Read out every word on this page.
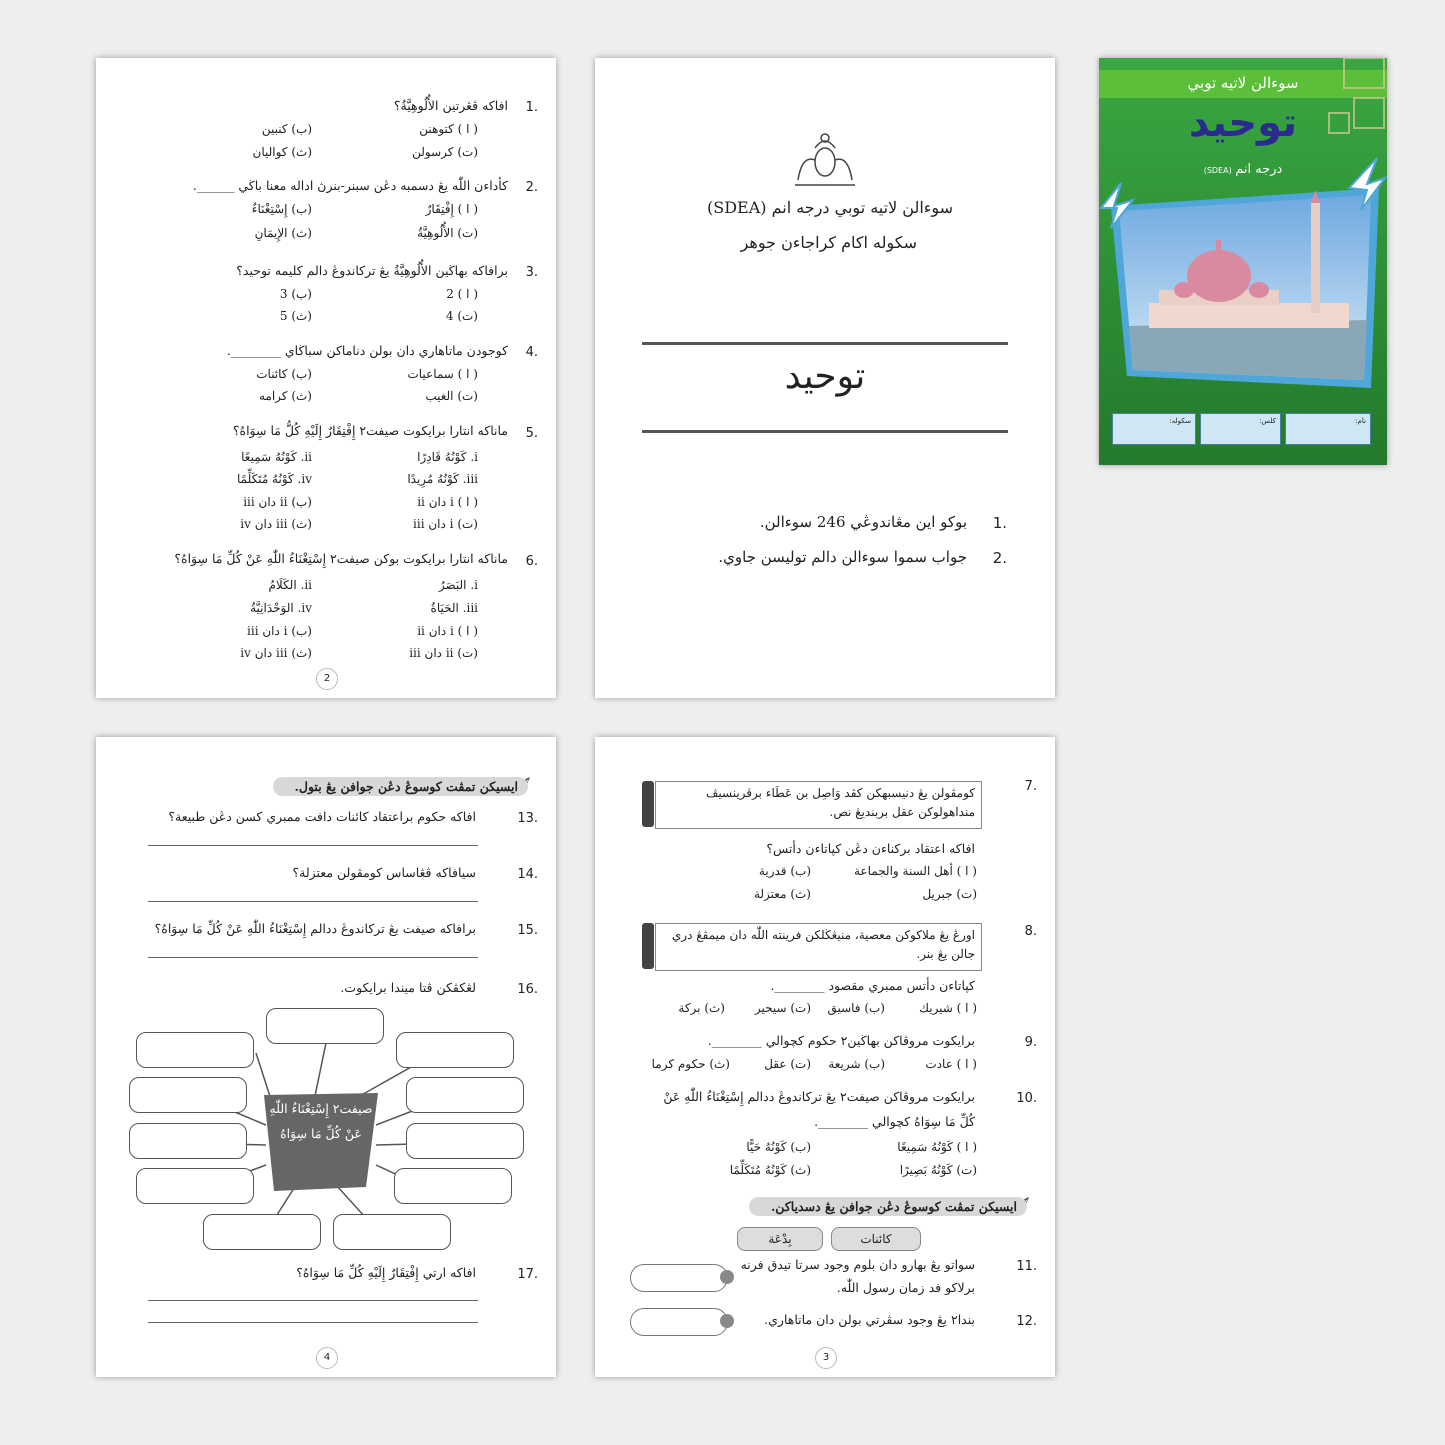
سوءالن لاتيه توبي
توحيد
درجه انم (SDEA)
نام:
كلس:
سكوله:
سوءالن لاتيه توبي درجه انم (SDEA)
سكوله اكام كراجاءن جوهر
توحيد
1.
بوكو اين مڠاندوڠي 246 سوءالن.
2.
جواب سموا سوءالن دالم توليسن جاوي.
1.
افاكه ڤڠرتين الأُلُوهِيَّةُ؟
( ا ) كتوهنن
(ب) كنبين
(ت) كرسولن
(ث) كواليان
2.
كأداءن اللّٰه يڠ دسمبه دڠن سبنر-بنرڽ اداله معنا باڬي ______.
( ا ) إِفْتِقَارٌ
(ب) إِسْتِغْنَاءٌ
(ت) الأُلُوهِيَّةُ
(ث) الإِيمَانِ
3.
برافاكه بهاڬين الأُلُوهِيَّةُ يڠ تركاندوڠ دالم كليمه توحيد؟
( ا ) 2
(ب) 3
(ت) 4
(ث) 5
4.
كوجودن ماتاهاري دان بولن دناماكن سباڬاي ________.
( ا ) سماعيات
(ب) كائنات
(ت) الغيب
(ث) كرامه
5.
ماناكه انتارا برايكوت صيفت٢ إِفْتِقَارٌ إِلَيْهِ كُلُّ مَا سِوَاهُ؟
i. كَوْنُهُ قَادِرًا
ii. كَوْنُهُ سَمِيعًا
iii. كَوْنُهُ مُرِيدًا
iv. كَوْنُهُ مُتَكَلِّمًا
( ا ) i دان ii
(ب) ii دان iii
(ت) i دان iii
(ث) iii دان iv
6.
ماناكه انتارا برايكوت بوكن صيفت٢ إِسْتِغْنَاءُ اللّٰهِ عَنْ كُلِّ مَا سِوَاهُ؟
i. البَصَرُ
ii. الكَلَامُ
iii. الحَيَاةُ
iv. الوَحْدَانِيَّةُ
( ا ) i دان ii
(ب) i دان iii
(ت) ii دان iii
(ث) iii دان iv
2
7.
كومڤولن يڠ دنيسبهكن كڤد وَاصِل بن عَطَاء برڤرينسيڤ منداهولوكن عقل بربنديڠ نص.
افاكه اعتقاد بركناءن دڠن كپاتاءن دأتس؟
( ا ) أهل السنة والجماعة
(ب) قدرية
(ت) جبريل
(ث) معتزلة
8.
اورڠ يڠ ملاكوكن معصية، منيڠڬلكن فرينته اللّٰه دان ميمڤڠ دري جالن يڠ بنر.
كپاتاءن دأتس ممبري مقصود ________.
( ا ) شيريك
(ب) فاسيق
(ت) سيحير
(ث) بركة
9.
برايكوت مروڤاكن بهاڬين٢ حكوم كچوالي ________.
( ا ) عادت
(ب) شريعة
(ت) عقل
(ث) حكوم كرما
10.
برايكوت مروڤاكن صيفت٢ يڠ تركاندوڠ ددالم إِسْتِغْنَاءُ اللّٰهِ عَنْ
كُلِّ مَا سِوَاهُ كچوالي ________.
( ا ) كَوْنُهُ سَمِيعًا
(ب) كَوْنُهُ حَيًّا
(ت) كَوْنُهُ بَصِيرًا
(ث) كَوْنُهُ مُتَكَلِّمًا
ايسيكن تمڤت كوسوڠ دڠن جوافن يڠ دسدياكن.
كائنات
بِدْعَة
11.
سواتو يڠ بهارو دان بلوم وجود سرتا تيدق فرنه
برلاكو فد زمان رسول اللّٰه.
12.
بندا٢ يڠ وجود سڤرتي بولن دان ماتاهاري.
3
ايسيكن تمڤت كوسوڠ دڠن جوافن يڠ بتول.
13.
افاكه حكوم براعتقاد كائنات دافت ممبري كسن دڠن طبيعة؟
14.
سيافاكه ڤڠاساس كومڤولن معتزلة؟
15.
برافاكه صيفت يڠ تركاندوڠ ددالم إِسْتِغْنَاءُ اللّٰهِ عَنْ كُلِّ مَا سِوَاهُ؟
16.
لڠكڤكن ڤتا ميندا برايكوت.
صيفت٢ إِسْتِغْنَاءُ اللّٰهِ
عَنْ كُلِّ مَا سِوَاهُ
17.
افاكه ارتي إِفْتِقَارٌ إِلَيْهِ كُلِّ مَا سِوَاهُ؟
4
